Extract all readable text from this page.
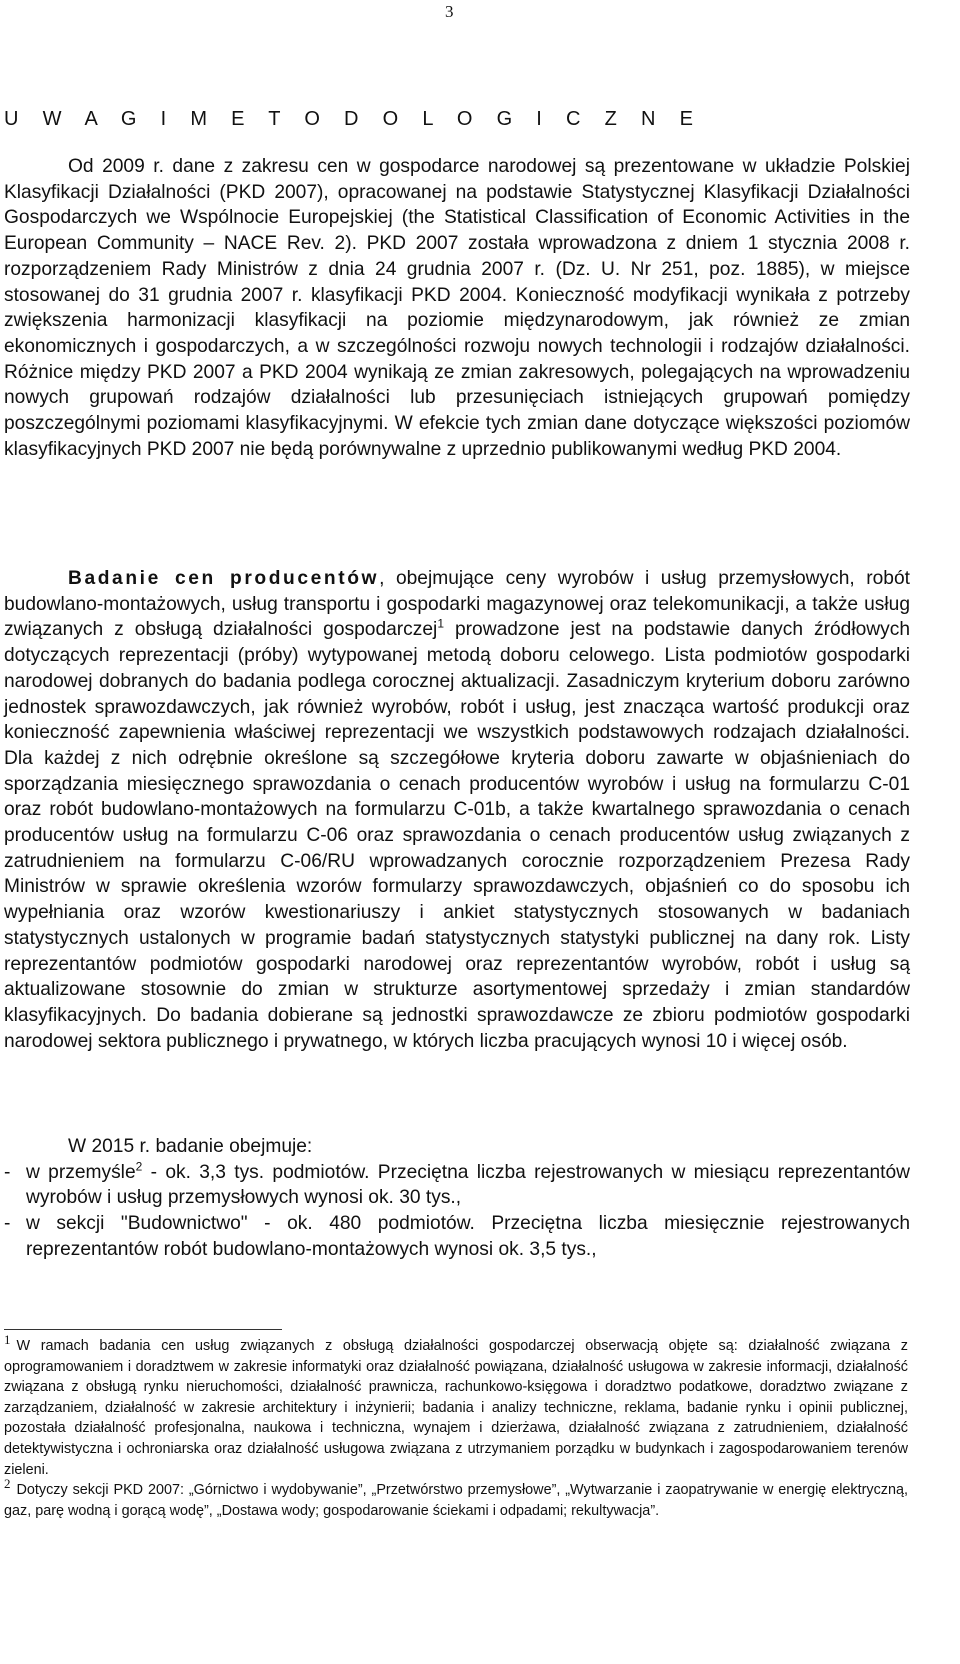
3
U W A G I M E T O D O L O G I C Z N E

Od 2009 r. dane z zakresu cen w gospodarce narodowej są prezentowane w układzie Polskiej Klasyfikacji Działalności (PKD 2007), opracowanej na podstawie Statystycznej Klasyfikacji Działalności Gospodarczych we Wspólnocie Europejskiej (the Statistical Classification of Economic Activities in the European Community – NACE Rev. 2). PKD 2007 została wprowadzona z dniem 1 stycznia 2008 r. rozporządzeniem Rady Ministrów z dnia 24 grudnia 2007 r. (Dz. U. Nr 251, poz. 1885), w miejsce stosowanej do 31 grudnia 2007 r. klasyfikacji PKD 2004. Konieczność modyfikacji wynikała z potrzeby zwiększenia harmonizacji klasyfikacji na poziomie międzynarodowym, jak również ze zmian ekonomicznych i gospodarczych, a w szczególności rozwoju nowych technologii i rodzajów działalności. Różnice między PKD 2007 a PKD 2004 wynikają ze zmian zakresowych, polegających na wprowadzeniu nowych grupowań rodzajów działalności lub przesunięciach istniejących grupowań pomiędzy poszczególnymi poziomami klasyfikacyjnymi. W efekcie tych zmian dane dotyczące większości poziomów klasyfikacyjnych PKD 2007 nie będą porównywalne z uprzednio publikowanymi według PKD 2004.

Badanie cen producentów, obejmujące ceny wyrobów i usług przemysłowych, robót budowlano-montażowych, usług transportu i gospodarki magazynowej oraz telekomunikacji, a także usług związanych z obsługą działalności gospodarczej$^1$ prowadzone jest na podstawie danych źródłowych dotyczących reprezentacji (próby) wytypowanej metodą doboru celowego. Lista podmiotów gospodarki narodowej dobranych do badania podlega corocznej aktualizacji. Zasadniczym kryterium doboru zarówno jednostek sprawozdawczych, jak również wyrobów, robót i usług, jest znacząca wartość produkcji oraz konieczność zapewnienia właściwej reprezentacji we wszystkich podstawowych rodzajach działalności. Dla każdej z nich odrębnie określone są szczegółowe kryteria doboru zawarte w objaśnieniach do sporządzania miesięcznego sprawozdania o cenach producentów wyrobów i usług na formularzu C-01 oraz robót budowlano-montażowych na formularzu C-01b, a także kwartalnego sprawozdania o cenach producentów usług na formularzu C-06 oraz sprawozdania o cenach producentów usług związanych z zatrudnieniem na formularzu C-06/RU wprowadzanych corocznie rozporządzeniem Prezesa Rady Ministrów w sprawie określenia wzorów formularzy sprawozdawczych, objaśnień co do sposobu ich wypełniania oraz wzorów kwestionariuszy i ankiet statystycznych stosowanych w badaniach statystycznych ustalonych w programie badań statystycznych statystyki publicznej na dany rok. Listy reprezentantów podmiotów gospodarki narodowej oraz reprezentantów wyrobów, robót i usług są aktualizowane stosownie do zmian w strukturze asortymentowej sprzedaży i zmian standardów klasyfikacyjnych. Do badania dobierane są jednostki sprawozdawcze ze zbioru podmiotów gospodarki narodowej sektora publicznego i prywatnego, w których liczba pracujących wynosi 10 i więcej osób.

W 2015 r. badanie obejmuje:
- w przemyśle$^2$ - ok. 3,3 tys. podmiotów. Przeciętna liczba rejestrowanych w miesiącu reprezentantów wyrobów i usług przemysłowych wynosi ok. 30 tys.,
- w sekcji "Budownictwo" - ok. 480 podmiotów. Przeciętna liczba miesięcznie rejestrowanych reprezentantów robót budowlano-montażowych wynosi ok. 3,5 tys.,

1 W ramach badania cen usług związanych z obsługą działalności gospodarczej obserwacją objęte są: działalność związana z oprogramowaniem i doradztwem w zakresie informatyki oraz działalność powiązana, działalność usługowa w zakresie informacji, działalność związana z obsługą rynku nieruchomości, działalność prawnicza, rachunkowo-księgowa i doradztwo podatkowe, doradztwo związane z zarządzaniem, działalność w zakresie architektury i inżynierii; badania i analizy techniczne, reklama, badanie rynku i opinii publicznej, pozostała działalność profesjonalna, naukowa i techniczna, wynajem i dzierżawa, działalność związana z zatrudnieniem, działalność detektywistyczna i ochroniarska oraz działalność usługowa związana z utrzymaniem porządku w budynkach i zagospodarowaniem terenów zieleni.

2 Dotyczy sekcji PKD 2007: „Górnictwo i wydobywanie”, „Przetwórstwo przemysłowe”, „Wytwarzanie i zaopatrywanie w energię elektryczną, gaz, parę wodną i gorącą wodę”, „Dostawa wody; gospodarowanie ściekami i odpadami; rekultywacja”.
